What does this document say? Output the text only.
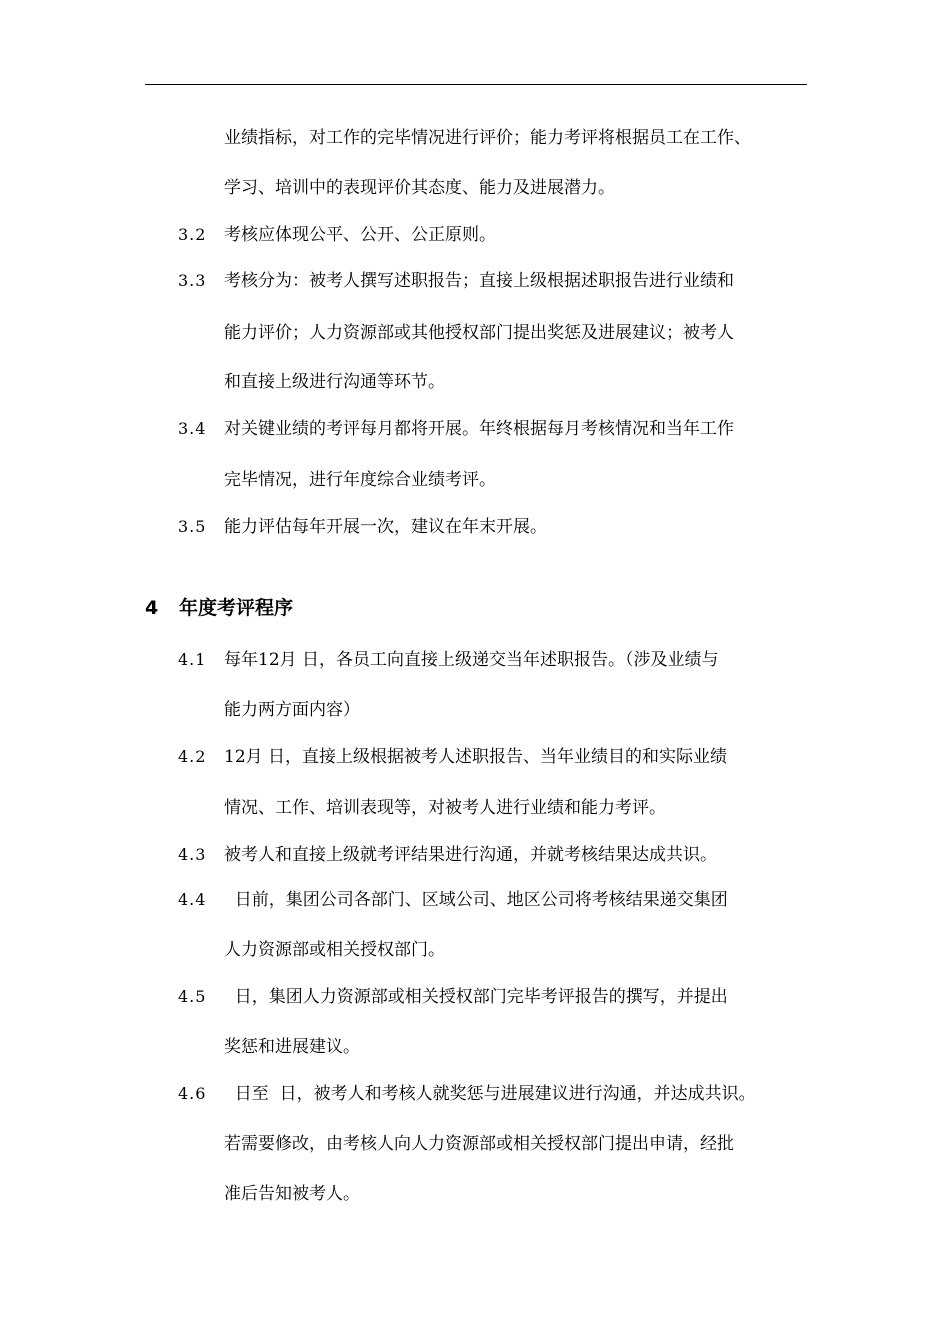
业绩指标，对工作的完毕情况进行评价；能力考评将根据员工在工作、
学习、培训中的表现评价其态度、能力及进展潜力。
3.2 考核应体现公平、公开、公正原则。
3.3 考核分为：被考人撰写述职报告；直接上级根据述职报告进行业绩和
能力评价；人力资源部或其他授权部门提出奖惩及进展建议；被考人
和直接上级进行沟通等环节。
3.4 对关键业绩的考评每月都将开展。年终根据每月考核情况和当年工作
完毕情况，进行年度综合业绩考评。
3.5 能力评估每年开展一次，建议在年末开展。
4 年度考评程序
4.1 每年12月 日，各员工向直接上级递交当年述职报告。（涉及业绩与
能力两方面内容）
4.2 12月 日，直接上级根据被考人述职报告、当年业绩目的和实际业绩
情况、工作、培训表现等，对被考人进行业绩和能力考评。
4.3 被考人和直接上级就考评结果进行沟通，并就考核结果达成共识。
4.4 日前，集团公司各部门、区域公司、地区公司将考核结果递交集团
人力资源部或相关授权部门。
4.5 日，集团人力资源部或相关授权部门完毕考评报告的撰写，并提出
奖惩和进展建议。
4.6 日至  日，被考人和考核人就奖惩与进展建议进行沟通，并达成共识。
若需要修改，由考核人向人力资源部或相关授权部门提出申请，经批
准后告知被考人。
